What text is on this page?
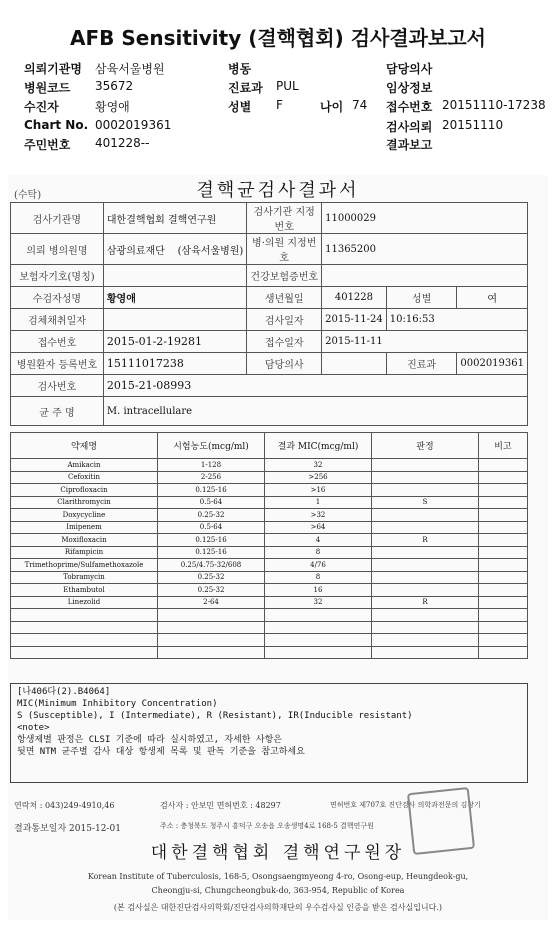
AFB Sensitivity (결핵협회) 검사결과보고서
의뢰기관명 삼육서울병원
병원코드 35672
수진자	황영애
Chart No. 0002019361
주민번호 401228--
병동
진료과 PUL
성별 F	나이 74
담당의사
임상정보
접수번호 20151110-17238
검사의뢰 20151110
결과보고
(수탁)	결핵균검사결과서
검사기관명	대한결핵협회 결핵연구원	검사기관 지정번호	11000029		
의뢰 병의원명	삼광의료재단 (삼육서울병원)	병·의원 지정번호	11365200		
보험자기호(명칭)		건강보험증번호			
수검자성명	황영애	생년월일	401228	성별	여
검체채취일자		검사일자	2015-11-24	10:16:53	
접수번호	2015-01-2-19281	접수일자	2015-11-11		
병원환자 등록번호	15111017238	담당의사		진료과	0002019361
검사번호	2015-21-08993				
균 주 명	M. intracellulare				
약제명	시험농도(mcg/ml)	결과 MIC(mcg/ml)	판정	비고
Amikacin	1-128	32		
Cefoxitin	2-256	>256		
Ciprofloxacin	0.125-16	>16		
Clarithromycin	0.5-64	1	S	
Doxycycline	0.25-32	>32		
Imipenem	0.5-64	>64		
Moxifloxacin	0.125-16	4	R	
Rifampicin	0.125-16	8		
Trimethoprime/Sulfamethoxazole	0.25/4.75-32/608	4/76		
Tobramycin	0.25-32	8		
Ethambutol	0.25-32	16		
Linezolid	2-64	32	R	

[나406다(2).B4064]
MIC(Minimum Inhibitory Concentration)
S (Susceptible), I (Intermediate), R (Resistant), IR(Inducible resistant)
<note>
항생제별 판정은 CLSI 기준에 따라 실시하였고, 자세한 사항은
뒷면 NTM 균주별 감사 대상 항생제 목록 및 판독 기준을 참고하세요
연락처 : 043)249-4910,46	검사자 : 안보민 면허번호 : 48297	면허번호 제707호 진단검사 의학과전문의 김창기
결과통보일자 2015-12-01	주소 : 충청북도 청주시 흥덕구 오송읍 오송생명4로 168-5 결핵연구원
대한결핵협회 결핵연구원장
Korean Institute of Tuberculosis, 168-5, Osongsaengmyeong 4-ro, Osong-eup, Heungdeok-gu,
Cheongju-si, Chungcheongbuk-do, 363-954, Republic of Korea
(본 검사실은 대한진단검사의학회/진단검사의학재단의 우수검사실 인증을 받은 검사실입니다.)
